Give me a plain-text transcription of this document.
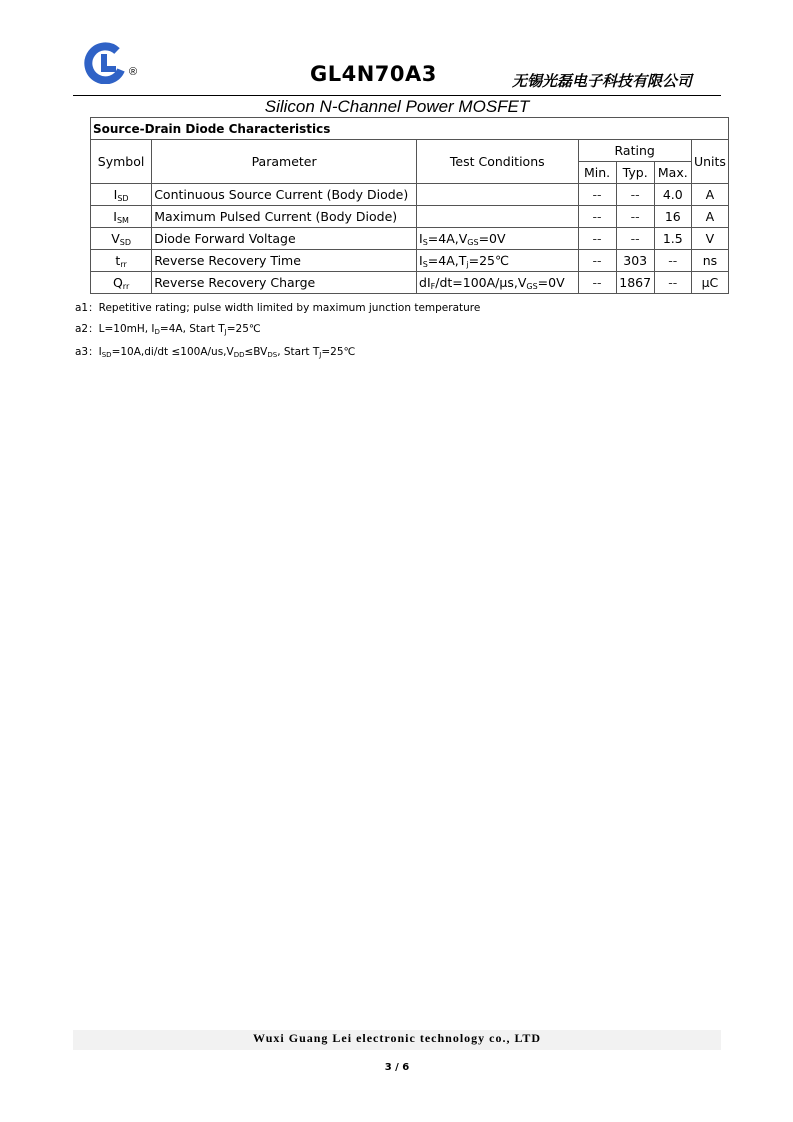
®	GL4N70A3	无锡光磊电子科技有限公司
Silicon N-Channel Power MOSFET
Source-Drain Diode Characteristics						
Symbol	Parameter	Test Conditions	Rating			Units
			Min.	Typ.	Max.	
$I_{SD}$	Continuous Source Current (Body Diode)		--	--	4.0	A
$I_{SM}$	Maximum Pulsed Current (Body Diode)		--	--	16	A
$V_{SD}$	Diode Forward Voltage	$I_S=4A,V_{GS}=0V$	--	--	1.5	V
$t_{rr}$	Reverse Recovery Time	$I_S=4A,T_j=25℃$	--	303	--	ns
$Q_{rr}$	Reverse Recovery Charge	$dI_F/dt=100A/\mu s,V_{GS}=0V$	--	1867	--	μC
a1：Repetitive rating; pulse width limited by maximum junction temperature
a2：L=10mH, $I_D=4A$, Start $T_J=25℃$
a3：$I_{SD}=10A,di/dt \le 100A/us,V_{DD}\le BV_{DS}$, Start $T_J=25℃$
Wuxi Guang Lei electronic technology co., LTD
3 / 6
